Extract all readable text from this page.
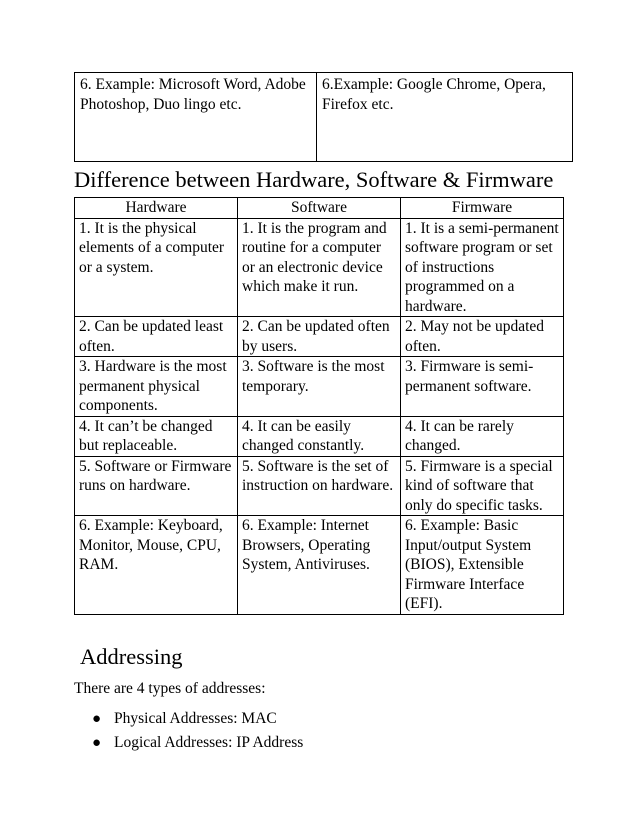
6. Example: Microsoft Word, Adobe Photoshop, Duo lingo etc.	6.Example: Google Chrome, Opera, Firefox etc.
Difference between Hardware, Software & Firmware
Hardware	Software	Firmware
1. It is the physical elements of a computer or a system.	1. It is the program and routine for a computer or an electronic device which make it run.	1. It is a semi-permanent software program or set of instructions programmed on a hardware.
2. Can be updated least often.	2. Can be updated often by users.	2. May not be updated often.
3. Hardware is the most permanent physical components.	3. Software is the most temporary.	3. Firmware is semi-permanent software.
4. It can’t be changed but replaceable.	4. It can be easily changed constantly.	4. It can be rarely changed.
5. Software or Firmware runs on hardware.	5. Software is the set of instruction on hardware.	5. Firmware is a special kind of software that only do specific tasks.
6. Example: Keyboard, Monitor, Mouse, CPU, RAM.	6. Example: Internet Browsers, Operating System, Antiviruses.	6. Example: Basic Input/output System (BIOS), Extensible Firmware Interface (EFI).
Addressing

There are 4 types of addresses:

● Physical Addresses: MAC
● Logical Addresses: IP Address
